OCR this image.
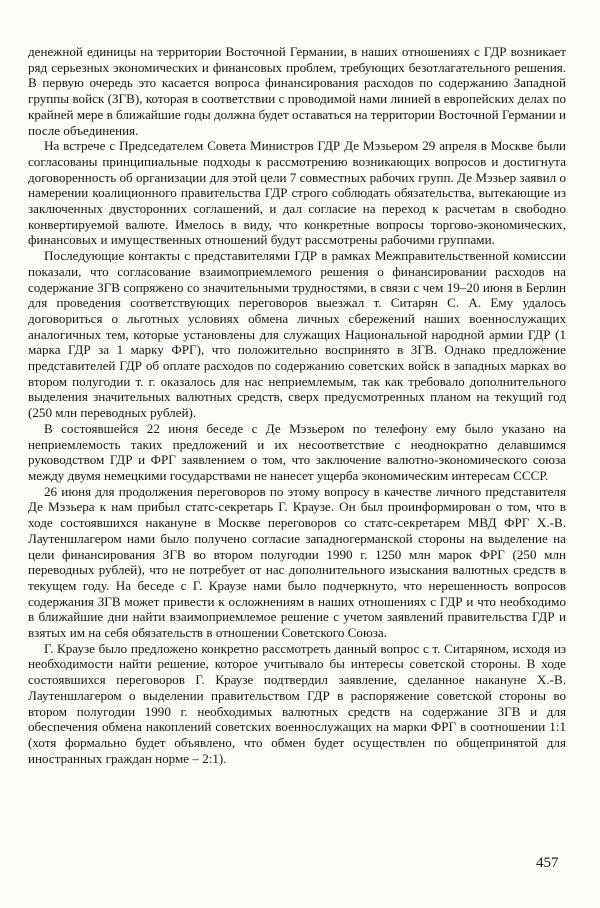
денежной единицы на территории Восточной Германии, в наших отношениях с ГДР возникает ряд серьезных экономических и финансовых проблем, требующих безотлагательного решения. В первую очередь это касается вопроса финансирования расходов по содержанию Западной группы войск (ЗГВ), которая в соответствии с проводимой нами линией в европейских делах по крайней мере в ближайшие годы должна будет оставаться на территории Восточной Германии и после объединения.

На встрече с Председателем Совета Министров ГДР Де Мэзьером 29 апреля в Москве были согласованы принципиальные подходы к рассмотрению возникающих вопросов и достигнута договоренность об организации для этой цели 7 совместных рабочих групп. Де Мэзьер заявил о намерении коалиционного правительства ГДР строго соблюдать обязательства, вытекающие из заключенных двусторонних соглашений, и дал согласие на переход к расчетам в свободно конвертируемой валюте. Имелось в виду, что конкретные вопросы торгово-экономических, финансовых и имущественных отношений будут рассмотрены рабочими группами.

Последующие контакты с представителями ГДР в рамках Межправительственной комиссии показали, что согласование взаимоприемлемого решения о финансировании расходов на содержание ЗГВ сопряжено со значительными трудностями, в связи с чем 19–20 июня в Берлин для проведения соответствующих переговоров выезжал т. Ситарян С. А. Ему удалось договориться о льготных условиях обмена личных сбережений наших военнослужащих аналогичных тем, которые установлены для служащих Национальной народной армии ГДР (1 марка ГДР за 1 марку ФРГ), что положительно воспринято в ЗГВ. Однако предложение представителей ГДР об оплате расходов по содержанию советских войск в западных марках во втором полугодии т. г. оказалось для нас неприемлемым, так как требовало дополнительного выделения значительных валютных средств, сверх предусмотренных планом на текущий год (250 млн переводных рублей).

В состоявшейся 22 июня беседе с Де Мэзьером по телефону ему было указано на неприемлемость таких предложений и их несоответствие с неоднократно делавшимся руководством ГДР и ФРГ заявлением о том, что заключение валютно-экономического союза между двумя немецкими государствами не нанесет ущерба экономическим интересам СССР.

26 июня для продолжения переговоров по этому вопросу в качестве личного представителя Де Мэзьера к нам прибыл статс-секретарь Г. Краузе. Он был проинформирован о том, что в ходе состоявшихся накануне в Москве переговоров со статс-секретарем МВД ФРГ Х.-В. Лаутеншлагером нами было получено согласие западногерманской стороны на выделение на цели финансирования ЗГВ во втором полугодии 1990 г. 1250 млн марок ФРГ (250 млн переводных рублей), что не потребует от нас дополнительного изыскания валютных средств в текущем году. На беседе с Г. Краузе нами было подчеркнуто, что нерешенность вопросов содержания ЗГВ может привести к осложнениям в наших отношениях с ГДР и что необходимо в ближайшие дни найти взаимоприемлемое решение с учетом заявлений правительства ГДР и взятых им на себя обязательств в отношении Советского Союза.

Г. Краузе было предложено конкретно рассмотреть данный вопрос с т. Ситаряном, исходя из необходимости найти решение, которое учитывало бы интересы советской стороны. В ходе состоявшихся переговоров Г. Краузе подтвердил заявление, сделанное накануне Х.-В. Лаутеншлагером о выделении правительством ГДР в распоряжение советской стороны во втором полугодии 1990 г. необходимых валютных средств на содержание ЗГВ и для обеспечения обмена накоплений советских военнослужащих на марки ФРГ в соотношении 1:1 (хотя формально будет объявлено, что обмен будет осуществлен по общепринятой для иностранных граждан норме – 2:1).

457
